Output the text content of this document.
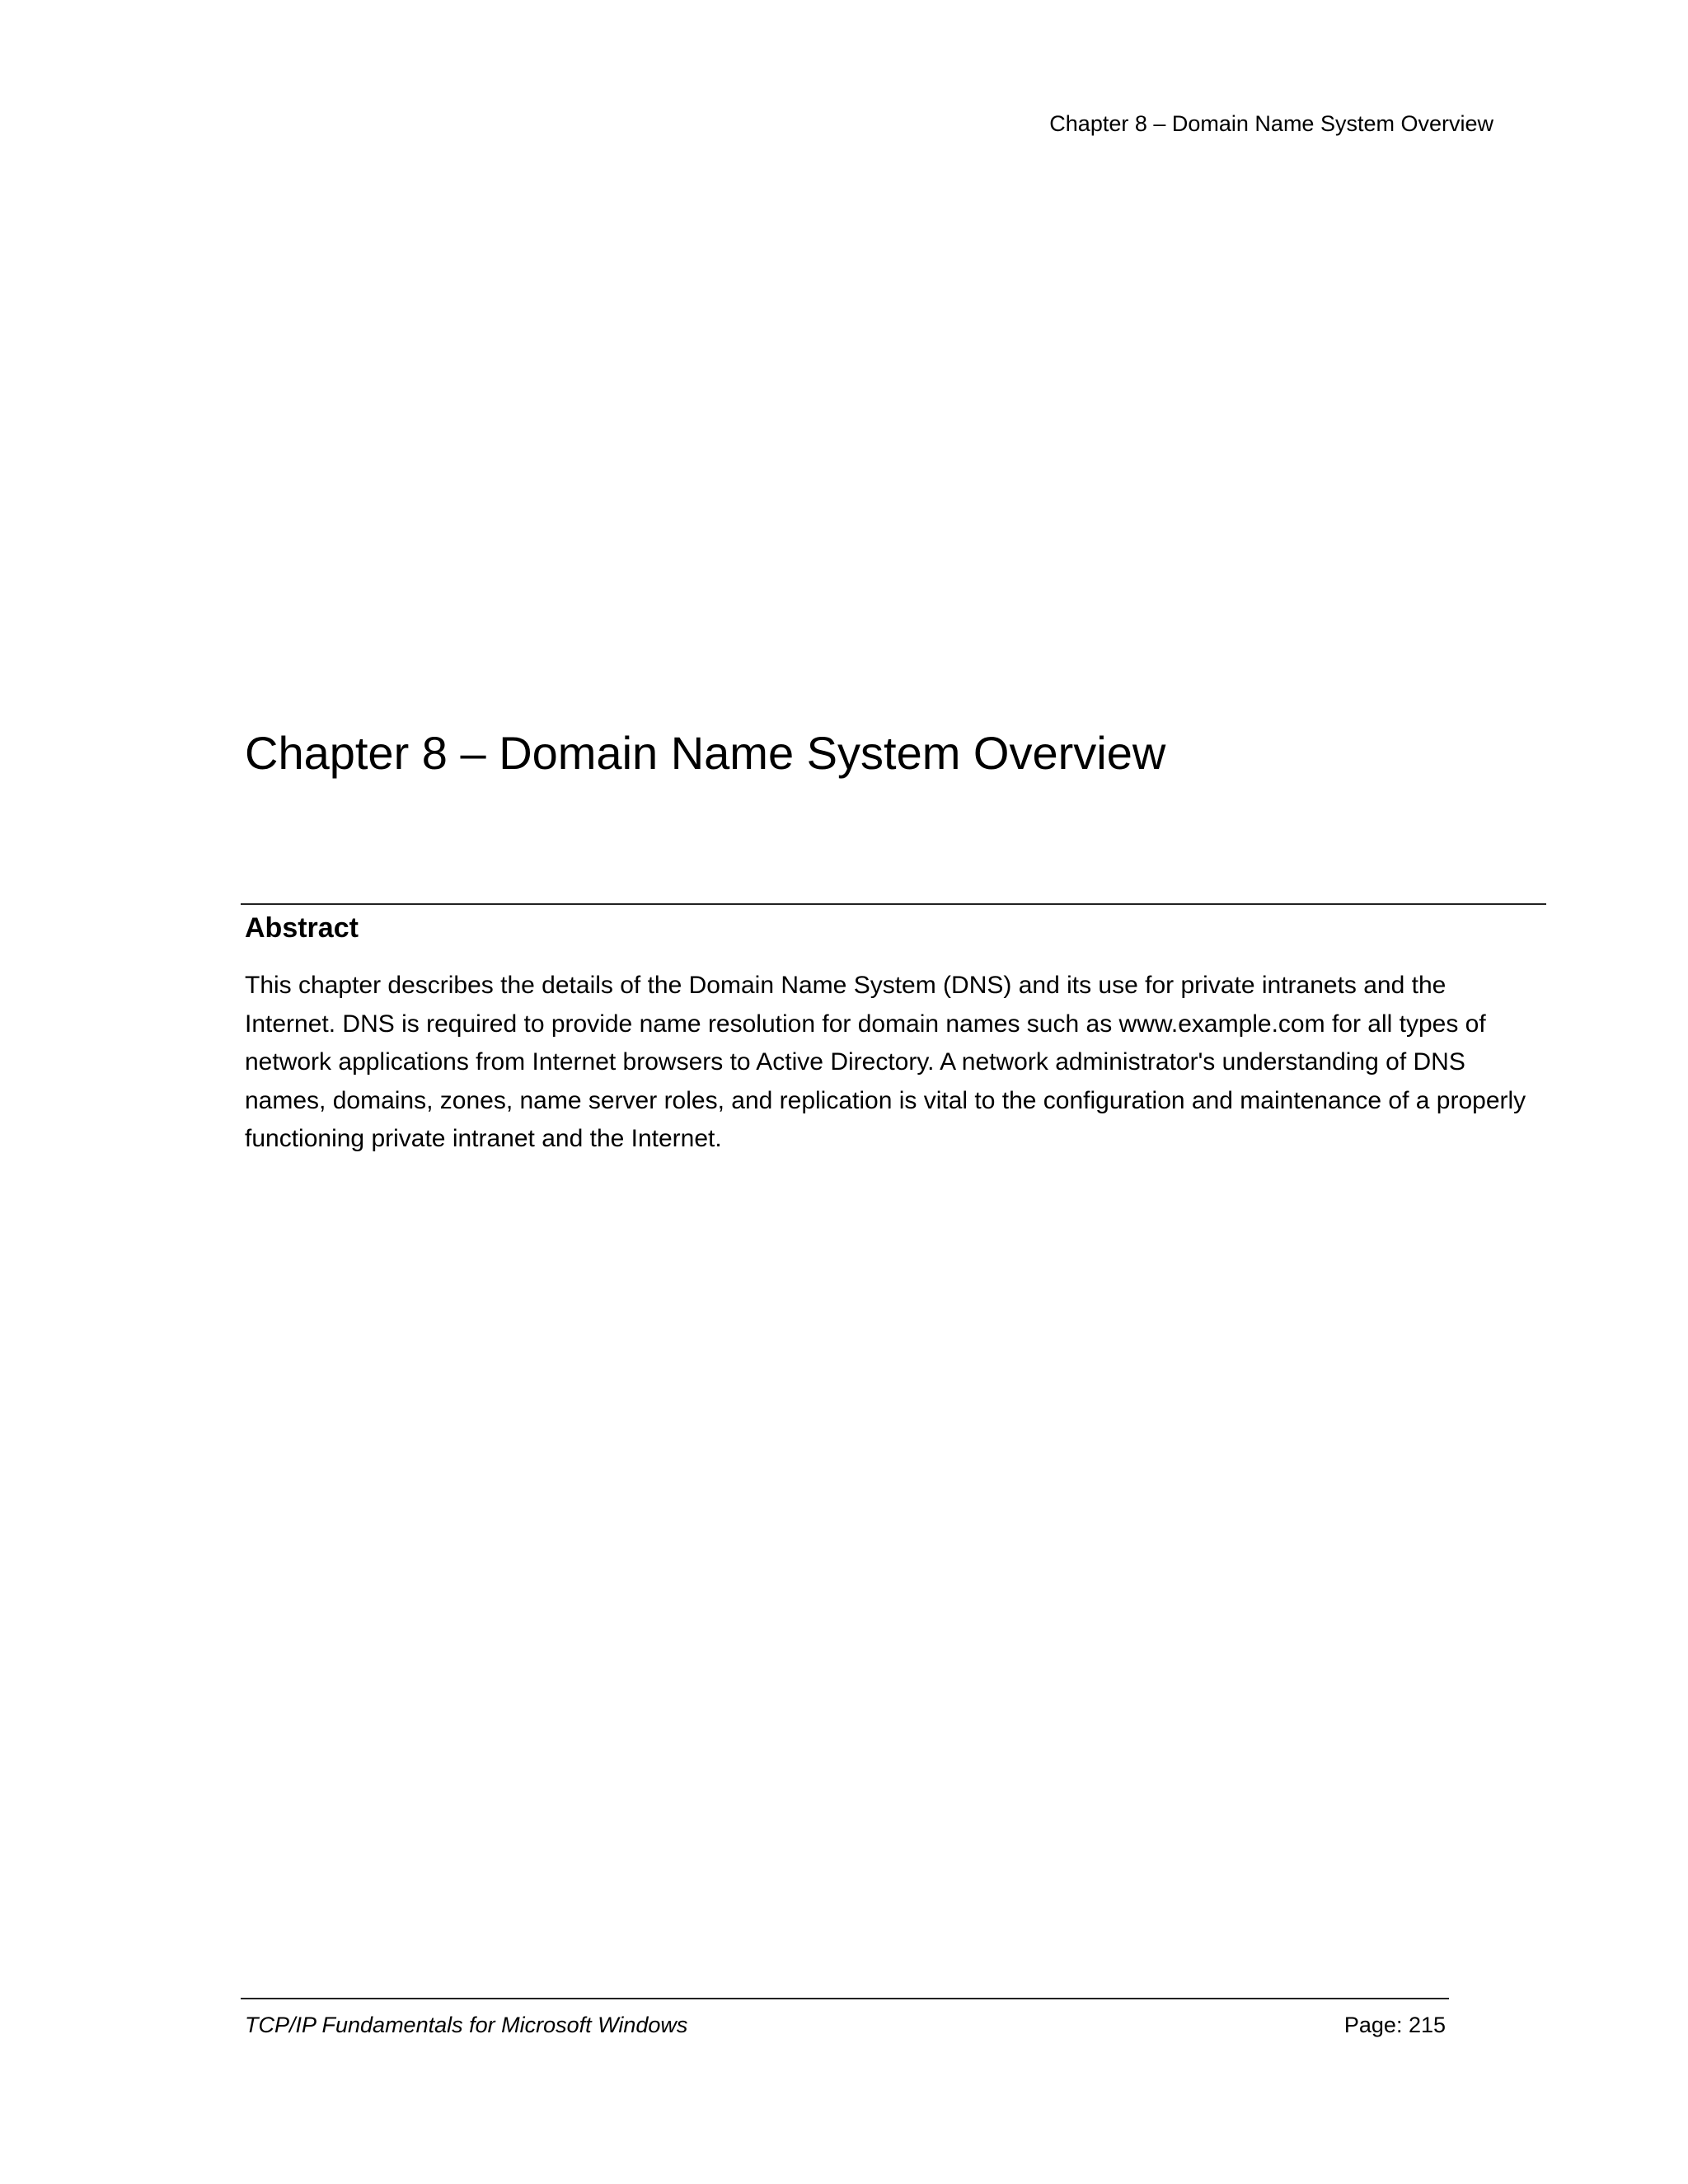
Chapter 8 – Domain Name System Overview
Chapter 8 – Domain Name System Overview
Abstract

This chapter describes the details of the Domain Name System (DNS) and its use for private intranets and the Internet. DNS is required to provide name resolution for domain names such as www.example.com for all types of network applications from Internet browsers to Active Directory. A network administrator's understanding of DNS names, domains, zones, name server roles, and replication is vital to the configuration and maintenance of a properly functioning private intranet and the Internet.

TCP/IP Fundamentals for Microsoft Windows	Page: 215
